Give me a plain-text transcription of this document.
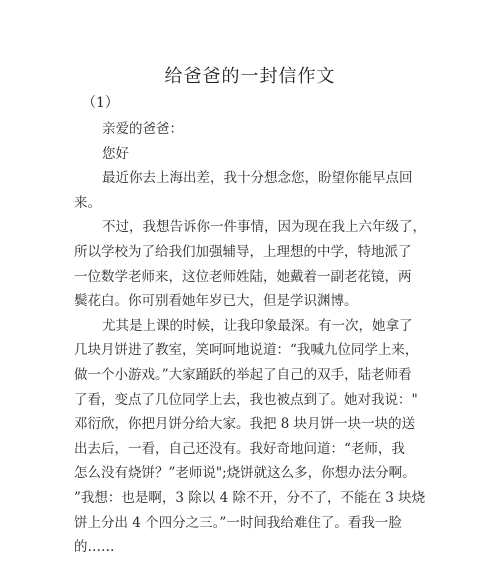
给爸爸的一封信作文
（1）
亲爱的爸爸：
您好
最近你去上海出差，我十分想念您，盼望你能早点回
来。
不过，我想告诉你一件事情，因为现在我上六年级了，
所以学校为了给我们加强辅导，上理想的中学，特地派了
一位数学老师来，这位老师姓陆，她戴着一副老花镜，两
鬓花白。你可别看她年岁已大，但是学识渊博。
尤其是上课的时候，让我印象最深。有一次，她拿了
几块月饼进了教室，笑呵呵地说道：“我喊九位同学上来，
做一个小游戏。”大家踊跃的举起了自己的双手，陆老师看
了看，变点了几位同学上去，我也被点到了。她对我说："
邓衍欣，你把月饼分给大家。我把 8 块月饼一块一块的送
出去后，一看，自己还没有。我好奇地问道：“老师，我
怎么没有烧饼？”老师说";烧饼就这么多，你想办法分啊。
”我想：也是啊，3 除以 4 除不开，分不了，不能在 3 块烧
饼上分出 4 个四分之三。”一时间我给难住了。看我一脸
的……
